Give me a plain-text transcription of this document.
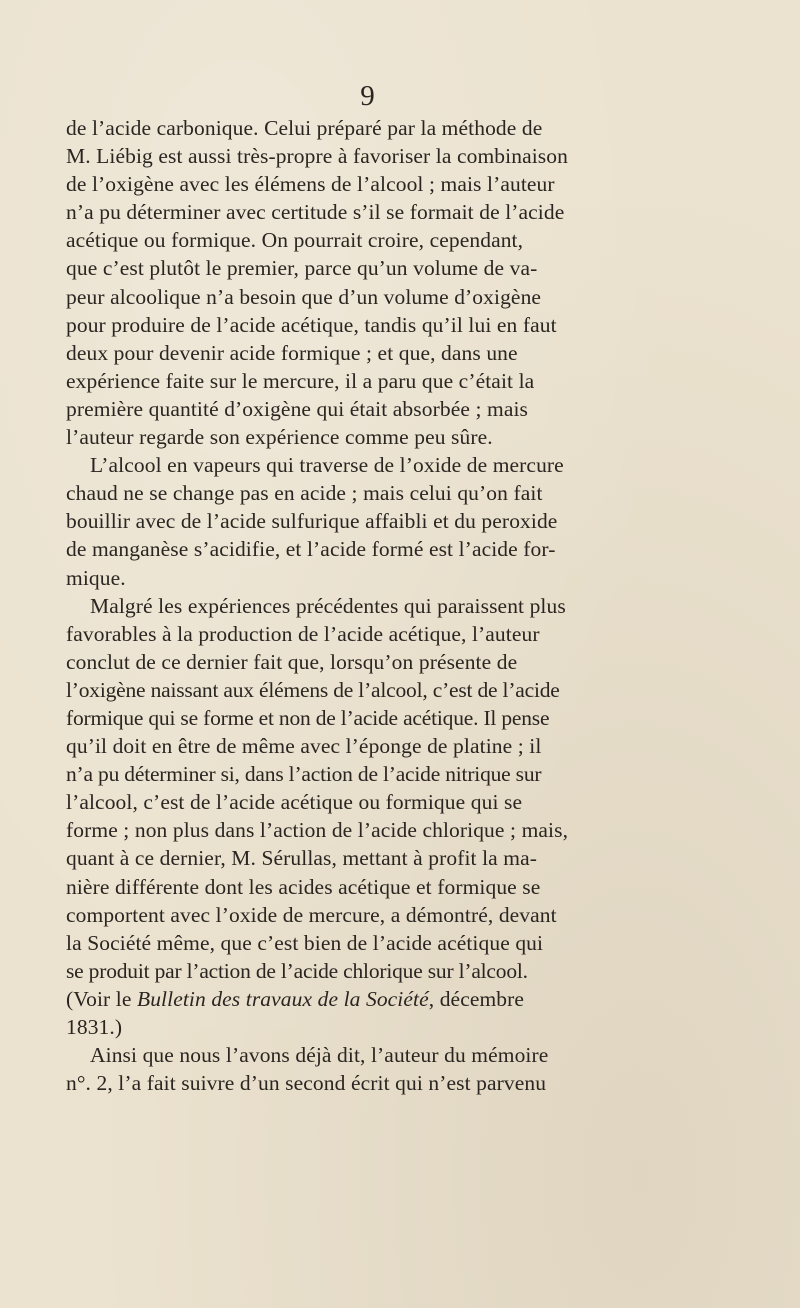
9
de l’acide carbonique. Celui préparé par la méthode de
M. Liébig est aussi très-propre à favoriser la combinaison
de l’oxigène avec les élémens de l’alcool ; mais l’auteur
n’a pu déterminer avec certitude s’il se formait de l’acide
acétique ou formique. On pourrait croire, cependant,
que c’est plutôt le premier, parce qu’un volume de va-
peur alcoolique n’a besoin que d’un volume d’oxigène
pour produire de l’acide acétique, tandis qu’il lui en faut
deux pour devenir acide formique ; et que, dans une
expérience faite sur le mercure, il a paru que c’était la
première quantité d’oxigène qui était absorbée ; mais
l’auteur regarde son expérience comme peu sûre.
L’alcool en vapeurs qui traverse de l’oxide de mercure
chaud ne se change pas en acide ; mais celui qu’on fait
bouillir avec de l’acide sulfurique affaibli et du peroxide
de manganèse s’acidifie, et l’acide formé est l’acide for-
mique.
Malgré les expériences précédentes qui paraissent plus
favorables à la production de l’acide acétique, l’auteur
conclut de ce dernier fait que, lorsqu’on présente de
l’oxigène naissant aux élémens de l’alcool, c’est de l’acide
formique qui se forme et non de l’acide acétique. Il pense
qu’il doit en être de même avec l’éponge de platine ; il
n’a pu déterminer si, dans l’action de l’acide nitrique sur
l’alcool, c’est de l’acide acétique ou formique qui se
forme ; non plus dans l’action de l’acide chlorique ; mais,
quant à ce dernier, M. Sérullas, mettant à profit la ma-
nière différente dont les acides acétique et formique se
comportent avec l’oxide de mercure, a démontré, devant
la Société même, que c’est bien de l’acide acétique qui
se produit par l’action de l’acide chlorique sur l’alcool.
(Voir le Bulletin des travaux de la Société, décembre
1831.)
Ainsi que nous l’avons déjà dit, l’auteur du mémoire
n°. 2, l’a fait suivre d’un second écrit qui n’est parvenu
